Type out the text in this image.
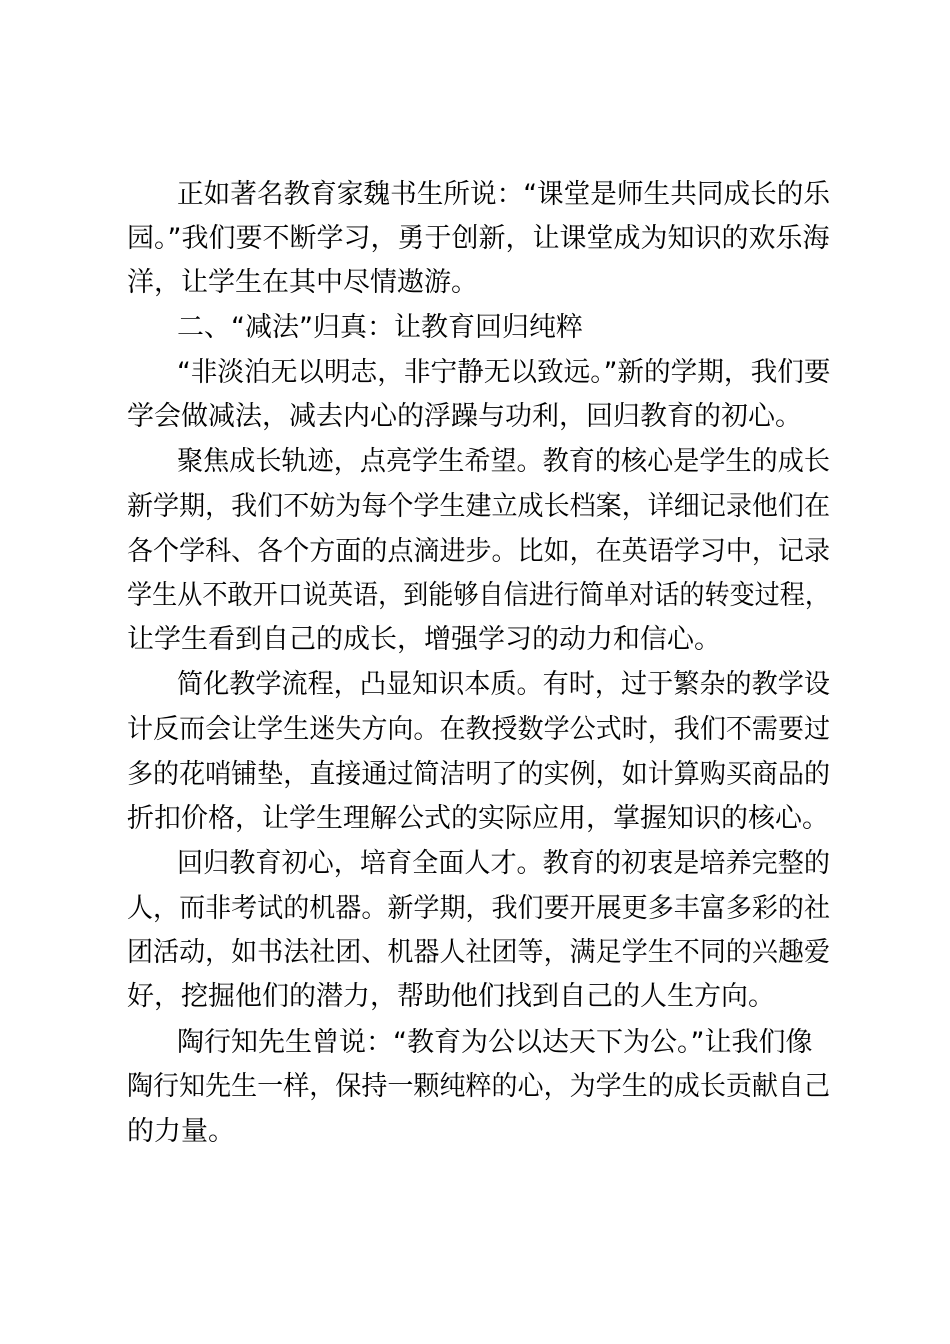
正如著名教育家魏书生所说：“课堂是师生共同成长的乐
园。”我们要不断学习，勇于创新，让课堂成为知识的欢乐海
洋，让学生在其中尽情遨游。
二、“减法”归真：让教育回归纯粹
“非淡泊无以明志，非宁静无以致远。”新的学期，我们要
学会做减法，减去内心的浮躁与功利，回归教育的初心。
聚焦成长轨迹，点亮学生希望。教育的核心是学生的成长
新学期，我们不妨为每个学生建立成长档案，详细记录他们在
各个学科、各个方面的点滴进步。比如，在英语学习中，记录
学生从不敢开口说英语，到能够自信进行简单对话的转变过程，
让学生看到自己的成长，增强学习的动力和信心。
简化教学流程，凸显知识本质。有时，过于繁杂的教学设
计反而会让学生迷失方向。在教授数学公式时，我们不需要过
多的花哨铺垫，直接通过简洁明了的实例，如计算购买商品的
折扣价格，让学生理解公式的实际应用，掌握知识的核心。
回归教育初心，培育全面人才。教育的初衷是培养完整的
人，而非考试的机器。新学期，我们要开展更多丰富多彩的社
团活动，如书法社团、机器人社团等，满足学生不同的兴趣爱
好，挖掘他们的潜力，帮助他们找到自己的人生方向。
陶行知先生曾说：“教育为公以达天下为公。”让我们像
陶行知先生一样，保持一颗纯粹的心，为学生的成长贡献自己
的力量。
